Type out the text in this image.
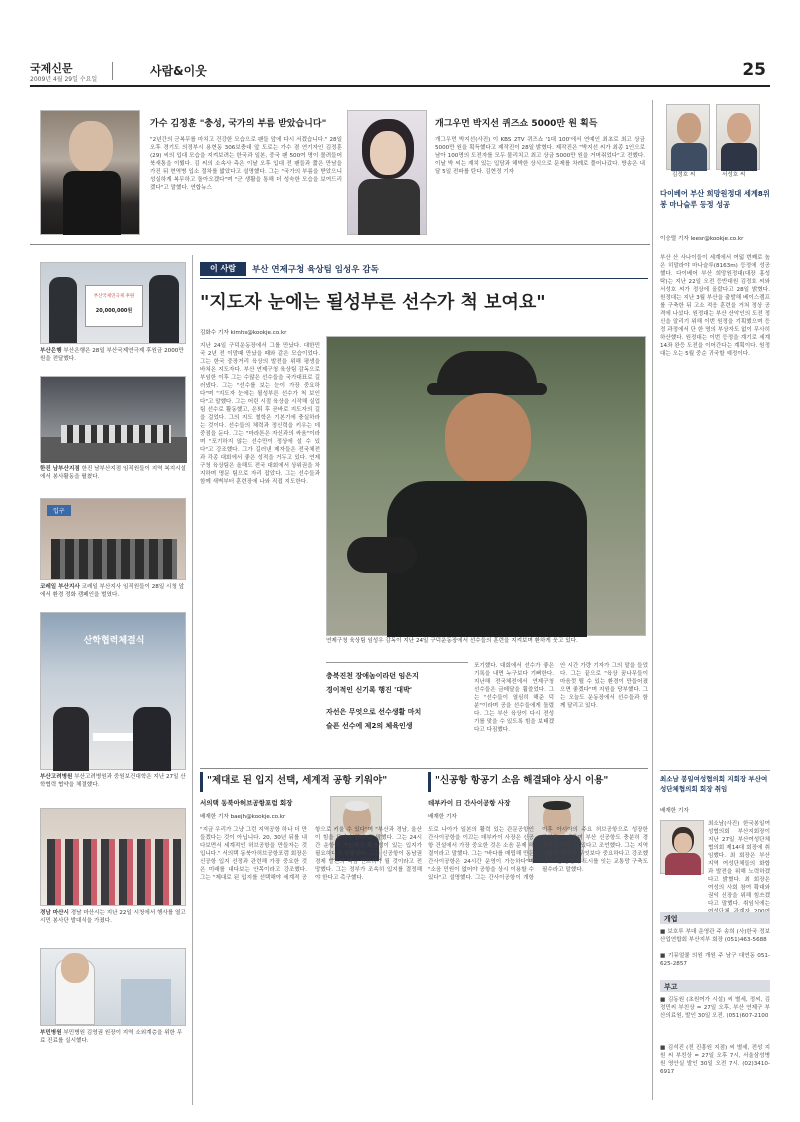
국제신문
2009년 4월 29일 수요일
사람&이웃	25
가수 김정훈 "충성, 국가의 부름 받았습니다"
"2년간의 군복무를 마치고 건강한 모습으로 팬들 앞에 다시 서겠습니다." 28일 오후 경기도 의정부시 용현동 306보충대 앞 도로는 가수 겸 연기자인 김정훈(29) 씨의 입대 모습을 지켜보려는 한국과 일본, 중국 팬 500여 명이 몰려들어 북새통을 이뤘다. 김 씨의 소속사 측은 이날 오후 입대 전 팬들과 짧은 만남을 가진 뒤 현역병 입소 절차를 밟았다고 설명했다. 그는 "국가의 부름을 받았으니 성실하게 복무하고 돌아오겠다"며 "군 생활을 통해 더 성숙한 모습을 보여드리겠다"고 말했다. 연합뉴스
개그우먼 박지선 퀴즈쇼 5000만 원 획득
개그우먼 박지선(사진) 이 KBS 2TV 퀴즈쇼 '1대 100'에서 연예인 최초로 최고 상금 5000만 원을 획득했다고 제작진이 28일 밝혔다. 제작진은 "박지선 씨가 최종 1인으로 남아 100명의 도전자를 모두 물리치고 최고 상금 5000만 원을 거머쥐었다"고 전했다. 이날 박 씨는 재치 있는 입담과 해박한 상식으로 문제를 차례로 풀어나갔다. 방송은 내달 5일 전파를 탄다. 김현정 기자	김정호 씨	서성호 씨
다이베어 부산 희망원정대 세계8위봉 마나슬루 등정 성공
이승렬 기자 leesr@kookje.co.kr
부산 산 사나이들이 세계에서 여덟 번째로 높은 히말라야 마나슬루(8163m) 등정에 성공했다. 다이베어 부산 희망원정대(대장 홍성탁)는 지난 22일 오전 등반대원 김정호 씨와 서성호 씨가 정상에 올랐다고 28일 밝혔다. 원정대는 지난 3월 부산을 출발해 베이스캠프를 구축한 뒤 고소 적응 훈련을 거쳐 정상 공격에 나섰다. 원정대는 부산 산악인의 도전 정신을 알리기 위해 이번 원정을 기획했으며 등정 과정에서 단 한 명의 부상자도 없이 무사히 하산했다. 원정대는 이번 등정을 계기로 세계 14좌 완등 도전을 이어간다는 계획이다. 원정대는 오는 5월 중순 귀국할 예정이다.
최소남 봉일여성협의회 지회장 부산여성단체협의회 회장 취임
배재한 기자
최소남(사진) 한국봉일여성협의회 부산지회장이 지난 27일 부산여성단체협의회 제14대 회장에 취임했다. 최 회장은 부산 지역 여성단체들의 화합과 발전을 위해 노력하겠다고 밝혔다. 최 회장은 여성의 사회 참여 확대와 권익 신장을 위해 힘쓰겠다고 말했다. 취임식에는
개업
■ 보호루 부대 운영관 주 송희 (사)한국 정보산업연합회 부산지부 회장 (051)463-5688
■ 기뮤얼쿨 의원 개원 주 남구 대연동 051-625-2857
부고
■ 김동원 (초원여가 시설) 씨 별세, 정씨, 김정민씨 부친상 = 27일 오후, 부산 연제구 부산의료원, 발인 30일 오전. (051)607-2100
■ 김석진 (전 진흥원 지점) 씨 별세, 전성 지원 씨 부친상 = 27일 오후 7시, 서울삼성병원 영안실 발인 30일 오전 7시. (02)3410-6917
부산국제연극제 후원
20,000,000원
부산은행 부산은행은 28일 부산국제연극제 후원금 2000만 원을 전달했다.
한진 남부산지점 한진 남부산지점 임직원들이 지역 복지시설에서 봉사활동을 펼쳤다.
입구
코레일 부산지사 코레일 부산지사 임직원들이 28일 시청 앞에서 환경 정화 캠페인을 벌였다.
산학협력체결식
부산고려병원 부산고려병원과 중원보건대학은 지난 27일 산학협력 협약을 체결했다.
경남 마산시 경남 마산시는 지난 22일 시청에서 행사를 열고 시민 봉사단 발대식을 가졌다.
부민병원 부민병원 김영권 원장이 지역 소외계층을 위한 무료 진료를 실시했다.
이 사람	부산 연제구청 육상팀 임성우 감독
"지도자 눈에는 될성부른 선수가 척 보여요"
김화수 기자 kimhs@kookje.co.kr
지난 24일 구덕운동장에서 그를 만났다. 대한민국 2년 전 이맘때 만났을 때와 같은 모습이었다. 그는 한국 중장거리 육상의 발전을 위해 평생을 바쳐온 지도자다. 부산 연제구청 육상팀 감독으로 부임한 이후 그는 수많은 선수들을 국가대표로 길러냈다. 그는 "선수를 보는 눈이 가장 중요하다"며 "지도자 눈에는 될성부른 선수가 척 보인다"고 말했다. 그는 어린 시절 육상을 시작해 실업팀 선수로 활동했고, 은퇴 후 곧바로 지도자의 길을 걸었다. 그의 지도 철학은 기본기에 충실하라는 것이다. 선수들의 체력과 정신력을 키우는 데 중점을 둔다. 그는 "마라톤은 자신과의 싸움"이라며 "포기하지 않는 선수만이 정상에 설 수 있다"고 강조했다. 그가 길러낸 제자들은 전국체전과 각종 대회에서 좋은 성적을 거두고 있다. 연제구청 육상팀은 올해도 전국 대회에서 상위권을 차지하며 명문 팀으로 자리 잡았다. 그는 선수들과 함께 새벽부터 훈련장에 나와 직접 지도한다.
연제구청 육상팀 임성우 감독이 지난 24일 구덕운동장에서 선수들의 훈련을 지켜보며 환하게 웃고 있다.
충북진천 장애놈이라던 임은지
경이적인 신기록 행진 '대박'
자선은 무엇으로 선수생활 마치
슬픈 선수에 제2의 체육인생
포기했다. 대회에서 선수가 좋은 기록을 내면 누구보다 기뻐한다. 지난해 전국체전에서 연제구청 선수들은 금메달을 휩쓸었다. 그는 "선수들이 열심히 해준 덕분"이라며 공을 선수들에게 돌렸다. 그는 부산 육상이 다시 전성기를 맞을 수 있도록 힘을 보태겠다고 다짐했다.
안 시간 가량 기자가 그의 말을 들었다. 그는 끝으로 "육상 꿈나무들이 마음껏 뛸 수 있는 환경이 만들어졌으면 좋겠다"며 지원을 당부했다. 그는 오늘도 운동장에서 선수들과 함께 달리고 있다.
"제대로 된 입지 선택, 세계적 공항 키워야"
서의택 동북아허브공항포럼 회장
배재한 기자 baejh@kookje.co.kr
"지금 우리가 그냥 그런 지역공항 하나 더 만들겠다는 것이 아닙니다. 20, 30년 뒤를 내다보면서 세계적인 허브공항을 만들자는 것입니다." 서의택 동북아허브공항포럼 회장은 신공항 입지 선정과 관련해 가장 중요한 것은 미래를 내다보는 안목이라고 강조했다. 그는 "제대로 된 입지를 선택해야 세계적 공항으로 키울 수 있다"며 "부산과 경남, 울산이 힘을 모아야 한다"고 말했다. 그는 24시간 운항이 가능하고 확장성이 있는 입지가 필요하다고 덧붙였다. 그는 신공항이 동남권 경제 발전의 핵심 인프라가 될 것이라고 전망했다. 그는 정부가 조속히 입지를 결정해야 한다고 촉구했다.
"신공항 항공기 소음 해결돼야 상시 이용"
데부카이 日 간사이공항 사장
배재한 기자
도로 나아가 일본의 활력 있는 관문공항인 간사이공항을 이끄는 데부카이 사장은 신공항 건설에서 가장 중요한 것은 소음 문제 해결이라고 말했다. 그는 "바다를 매립해 만든 간사이공항은 24시간 운영이 가능하다"며 "소음 민원이 없어야 공항을 상시 이용할 수 있다"고 설명했다. 그는 간사이공항이 개항 이후 아시아의 주요 허브공항으로 성장한 과정을 소개하며 부산 신공항도 충분히 경쟁력을 가질 수 있다고 조언했다. 그는 지역 사회의 협력이 무엇보다 중요하다고 강조했다. 그는 공항과 도시를 잇는 교통망 구축도 필수라고 말했다.
